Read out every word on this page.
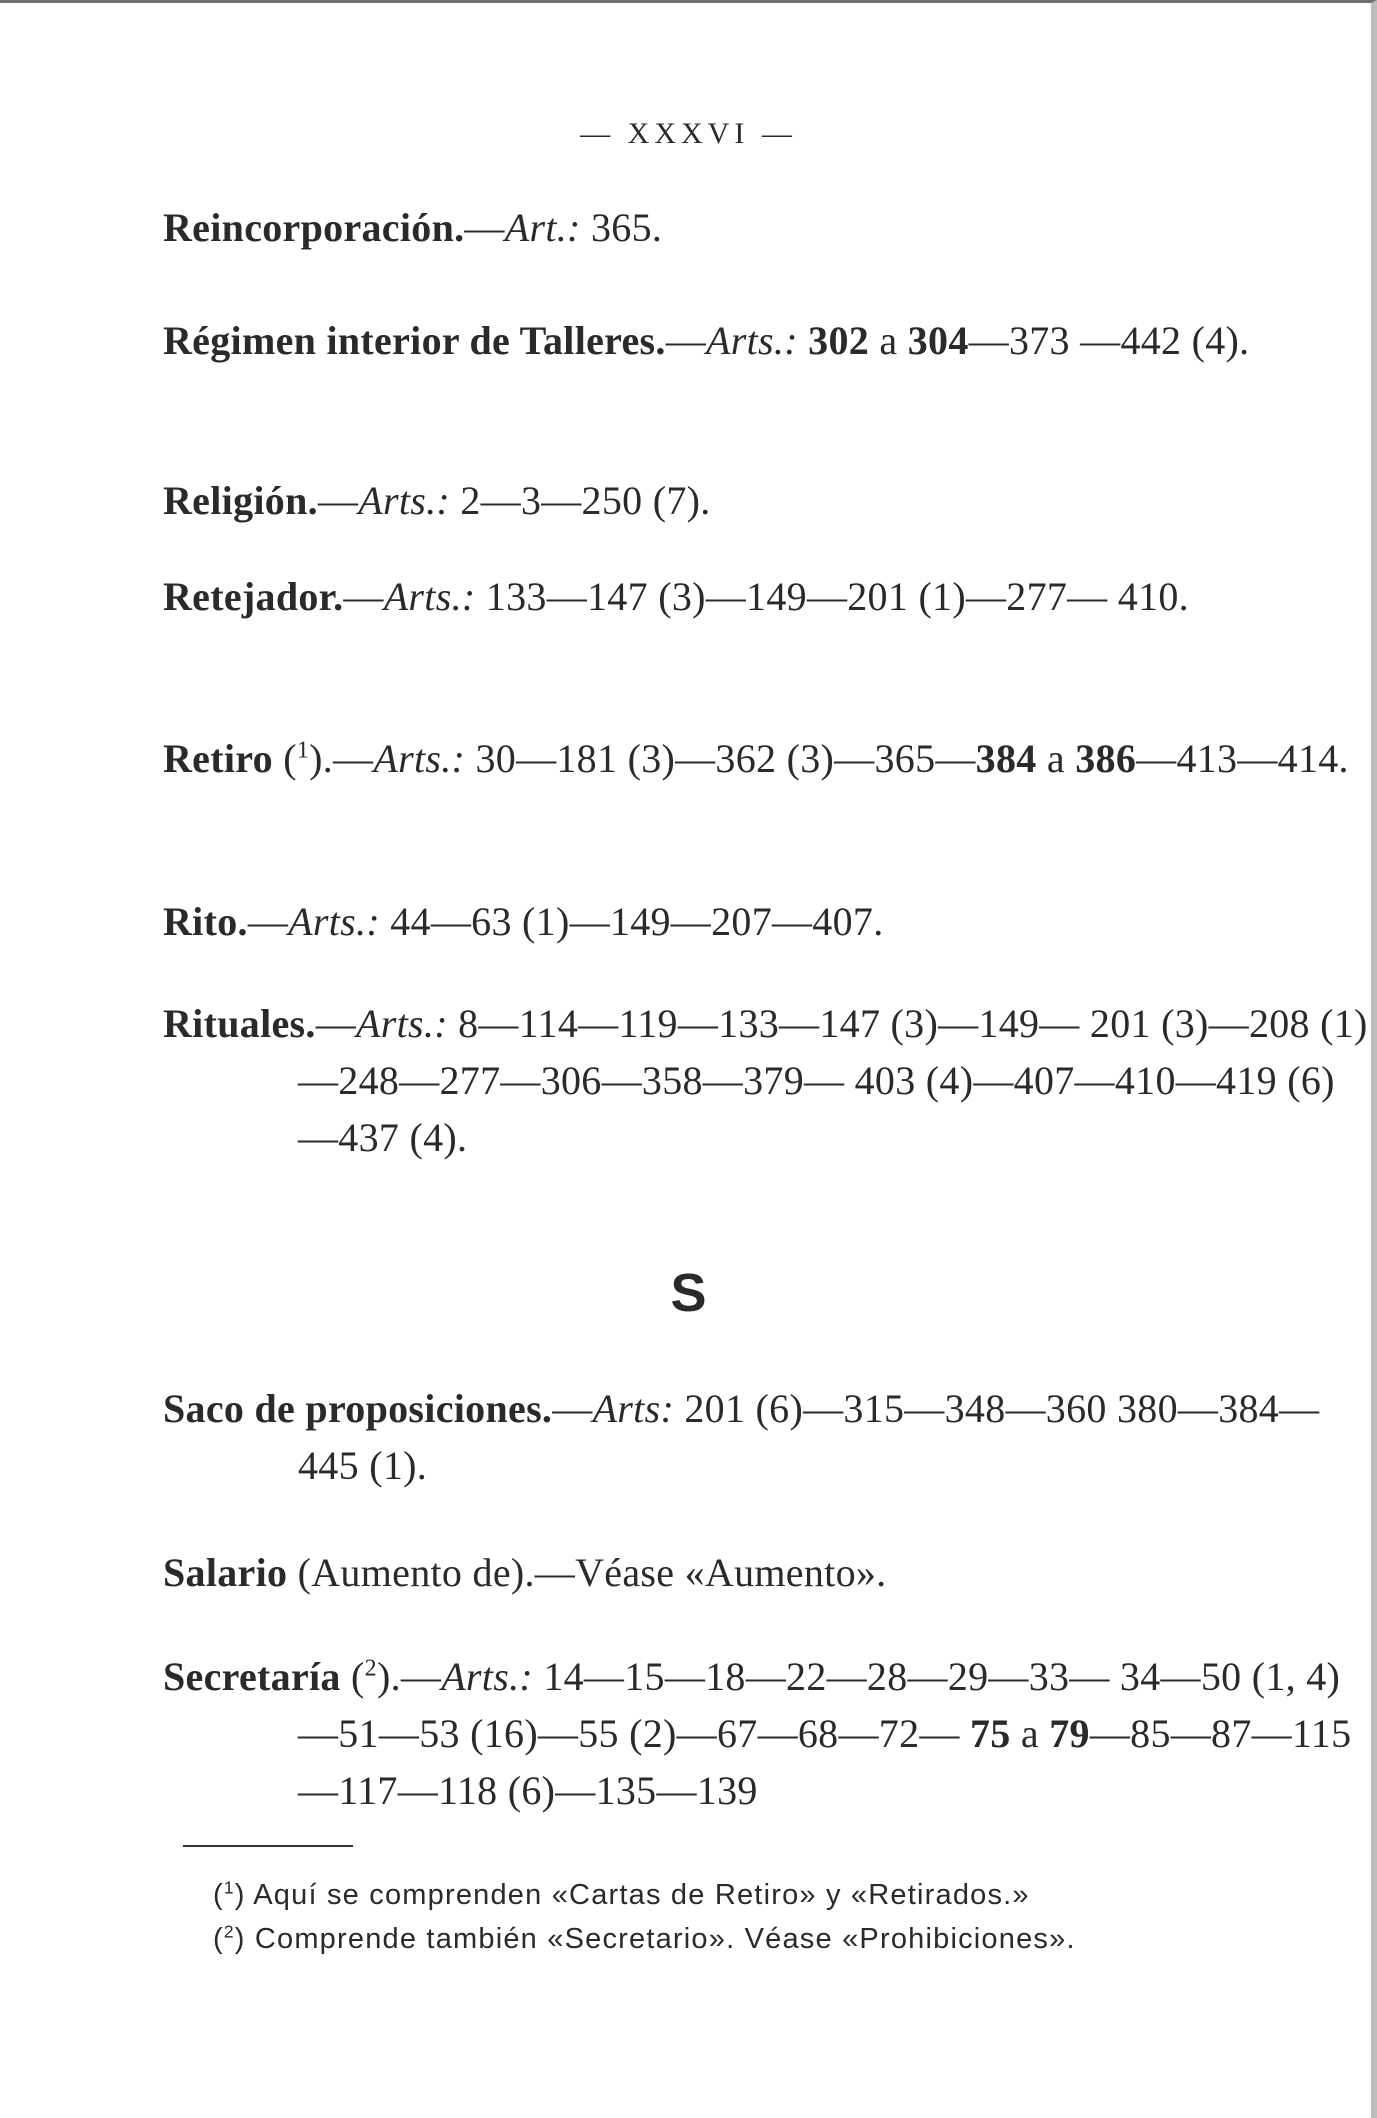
— XXXVI —
Reincorporación.—Art.: 365.
Régimen interior de Talleres.—Arts.: 302 a 304—373 —442 (4).
Religión.—Arts.: 2—3—250 (7).
Retejador.—Arts.: 133—147 (3)—149—201 (1)—277— 410.
Retiro ($^1$).—Arts.: 30—181 (3)—362 (3)—365—384 a 386—413—414.
Rito.—Arts.: 44—63 (1)—149—207—407.
Rituales.—Arts.: 8—114—119—133—147 (3)—149— 201 (3)—208 (1)—248—277—306—358—379— 403 (4)—407—410—419 (6)—437 (4).
S
Saco de proposiciones.—Arts: 201 (6)—315—348—360 380—384—445 (1).
Salario (Aumento de).—Véase «Aumento».
Secretaría ($^2$).—Arts.: 14—15—18—22—28—29—33— 34—50 (1, 4)—51—53 (16)—55 (2)—67—68—72— 75 a 79—85—87—115—117—118 (6)—135—139
($^1$) Aquí se comprenden «Cartas de Retiro» y «Retirados.»
($^2$) Comprende también «Secretario». Véase «Prohibiciones».
